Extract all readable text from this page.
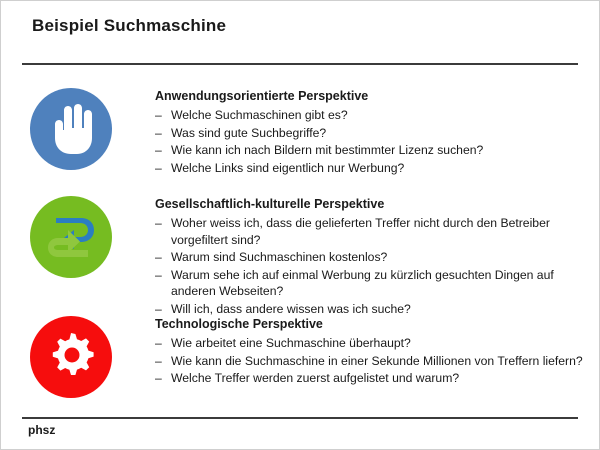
Beispiel Suchmaschine
Anwendungsorientierte Perspektive
– Welche Suchmaschinen gibt es?
– Was sind gute Suchbegriffe?
– Wie kann ich nach Bildern mit bestimmter Lizenz suchen?
– Welche Links sind eigentlich nur Werbung?
Gesellschaftlich-kulturelle Perspektive
– Woher weiss ich, dass die gelieferten Treffer nicht durch den Betreiber vorgefiltert sind?
– Warum sind Suchmaschinen kostenlos?
– Warum sehe ich auf einmal Werbung zu kürzlich gesuchten Dingen auf anderen Webseiten?
– Will ich, dass andere wissen was ich suche?
Technologische Perspektive
– Wie arbeitet eine Suchmaschine überhaupt?
– Wie kann die Suchmaschine in einer Sekunde Millionen von Treffern liefern?
– Welche Treffer werden zuerst aufgelistet und warum?
phsz
